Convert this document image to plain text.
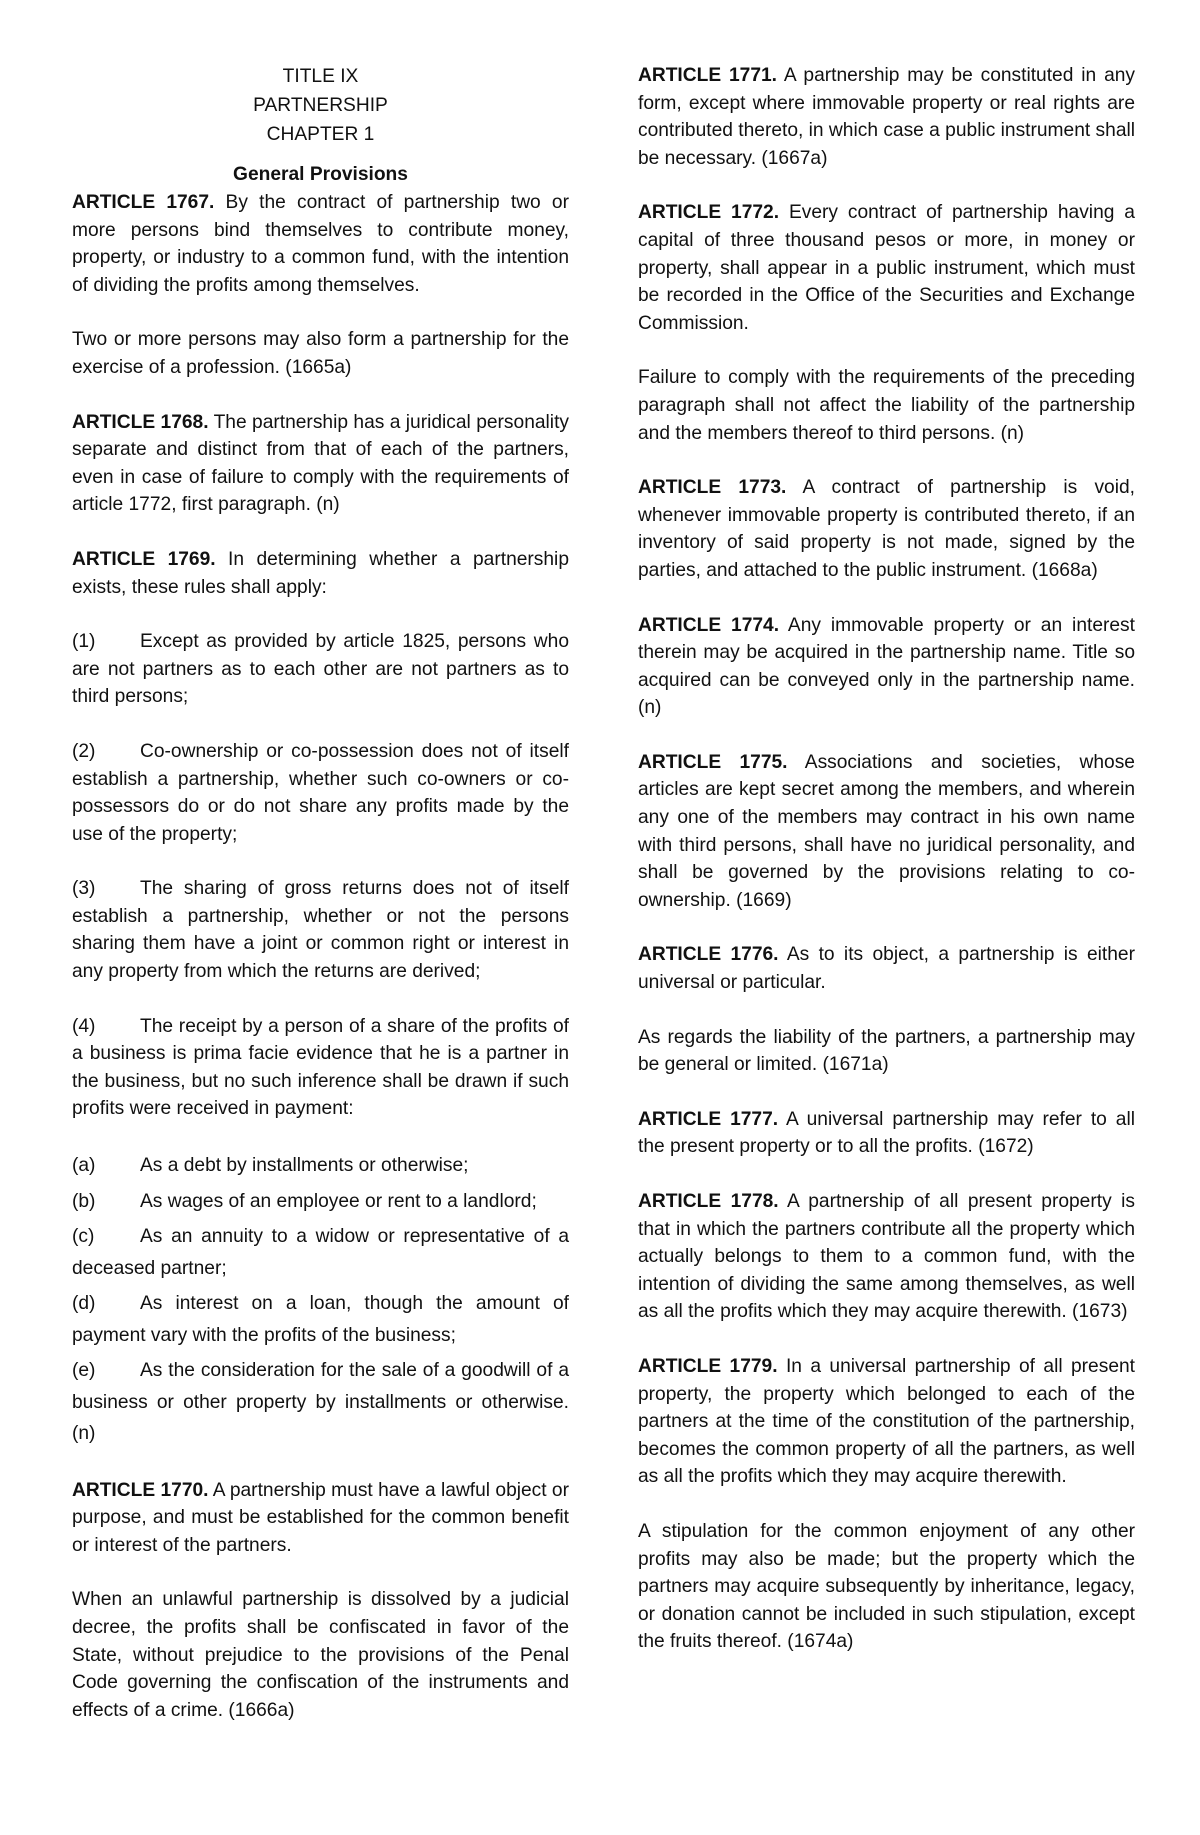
TITLE IX

PARTNERSHIP

CHAPTER 1

General Provisions

ARTICLE 1767. By the contract of partnership two or more persons bind themselves to contribute money, property, or industry to a common fund, with the intention of dividing the profits among themselves.

Two or more persons may also form a partnership for the exercise of a profession. (1665a)

ARTICLE 1768. The partnership has a juridical personality separate and distinct from that of each of the partners, even in case of failure to comply with the requirements of article 1772, first paragraph. (n)

ARTICLE 1769. In determining whether a partnership exists, these rules shall apply:

(1) Except as provided by article 1825, persons who are not partners as to each other are not partners as to third persons;

(2) Co-ownership or co-possession does not of itself establish a partnership, whether such co-owners or co-possessors do or do not share any profits made by the use of the property;

(3) The sharing of gross returns does not of itself establish a partnership, whether or not the persons sharing them have a joint or common right or interest in any property from which the returns are derived;

(4) The receipt by a person of a share of the profits of a business is prima facie evidence that he is a partner in the business, but no such inference shall be drawn if such profits were received in payment:

(a) As a debt by installments or otherwise;

(b) As wages of an employee or rent to a landlord;

(c) As an annuity to a widow or representative of a deceased partner;

(d) As interest on a loan, though the amount of payment vary with the profits of the business;

(e) As the consideration for the sale of a goodwill of a business or other property by installments or otherwise. (n)

ARTICLE 1770. A partnership must have a lawful object or purpose, and must be established for the common benefit or interest of the partners.

When an unlawful partnership is dissolved by a judicial decree, the profits shall be confiscated in favor of the State, without prejudice to the provisions of the Penal Code governing the confiscation of the instruments and effects of a crime. (1666a)

ARTICLE 1771. A partnership may be constituted in any form, except where immovable property or real rights are contributed thereto, in which case a public instrument shall be necessary. (1667a)

ARTICLE 1772. Every contract of partnership having a capital of three thousand pesos or more, in money or property, shall appear in a public instrument, which must be recorded in the Office of the Securities and Exchange Commission.

Failure to comply with the requirements of the preceding paragraph shall not affect the liability of the partnership and the members thereof to third persons. (n)

ARTICLE 1773. A contract of partnership is void, whenever immovable property is contributed thereto, if an inventory of said property is not made, signed by the parties, and attached to the public instrument. (1668a)

ARTICLE 1774. Any immovable property or an interest therein may be acquired in the partnership name. Title so acquired can be conveyed only in the partnership name. (n)

ARTICLE 1775. Associations and societies, whose articles are kept secret among the members, and wherein any one of the members may contract in his own name with third persons, shall have no juridical personality, and shall be governed by the provisions relating to co-ownership. (1669)

ARTICLE 1776. As to its object, a partnership is either universal or particular.

As regards the liability of the partners, a partnership may be general or limited. (1671a)

ARTICLE 1777. A universal partnership may refer to all the present property or to all the profits. (1672)

ARTICLE 1778. A partnership of all present property is that in which the partners contribute all the property which actually belongs to them to a common fund, with the intention of dividing the same among themselves, as well as all the profits which they may acquire therewith. (1673)

ARTICLE 1779. In a universal partnership of all present property, the property which belonged to each of the partners at the time of the constitution of the partnership, becomes the common property of all the partners, as well as all the profits which they may acquire therewith.

A stipulation for the common enjoyment of any other profits may also be made; but the property which the partners may acquire subsequently by inheritance, legacy, or donation cannot be included in such stipulation, except the fruits thereof. (1674a)
